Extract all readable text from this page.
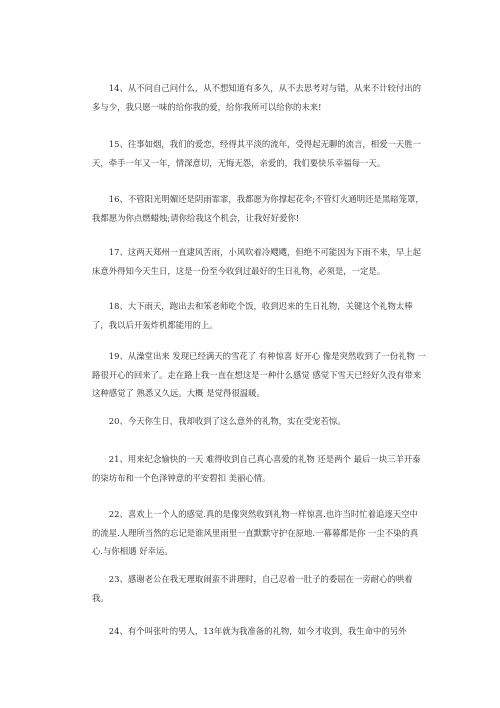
14、从不问自己问什么，从不想知道有多久，从不去思考对与错，从来不计较付出的多与少，我只愿一味的给你我的爱，给你我所可以给你的未来!

15、往事如烟，我们的爱恋，经得其平淡的流年，受得起无聊的流言，相爱一天胜一天，牵手一年又一年，情深意切，无悔无怨，亲爱的，我们要快乐幸福每一天。

16、不管阳光明媚还是阴雨霏霏，我都愿为你撑起花伞;不管灯火通明还是黑暗笼罩，我都愿为你点燃蜡烛;请你给我这个机会，让我好好爱你!

17、这两天郑州一直逮风苦雨，小风吹着冷飕飕，但绝不可能因为下雨不来，早上起床意外得知今天生日，这是一份至今收到过最好的生日礼物，必须是，一定是。

18、大下雨天，跑出去和笨老师吃个饭，收到迟来的生日礼物，关键这个礼物太棒了，我以后开轰炸机都能用的上。

19、从澡堂出来 发现已经满天的雪花了 有种惊喜 好开心 像是突然收到了一份礼物 一路很开心的回来了。走在路上我一直在想这是一种什么感觉 感觉下雪天已经好久没有带来这种感觉了 熟悉又久远。大概 是觉得很温暖。

20、今天你生日，我却收到了这么意外的礼物，实在受宠若惊。

21、用来纪念愉快的一天 难得收到自己真心喜爱的礼物 还是两个 最后一块三羊开泰的柒坊布和一个色泽钟意的平安碧扣 美丽心情。

22、喜欢上一个人的感觉.真的是像突然收到礼物一样惊喜.也许当时忙着追逐天空中的流星.人理所当然的忘记是谁风里雨里一直默默守护在原地.一幕幕都是你 一尘不染的真心.与你相遇 好幸运。

23、感谢老公在我无理取闹蛮不讲理时，自己忍着一肚子的委屈在一旁耐心的哄着我。

24、有个叫张叶的男人，13年就为我准备的礼物，如今才收到，我生命中的另外
